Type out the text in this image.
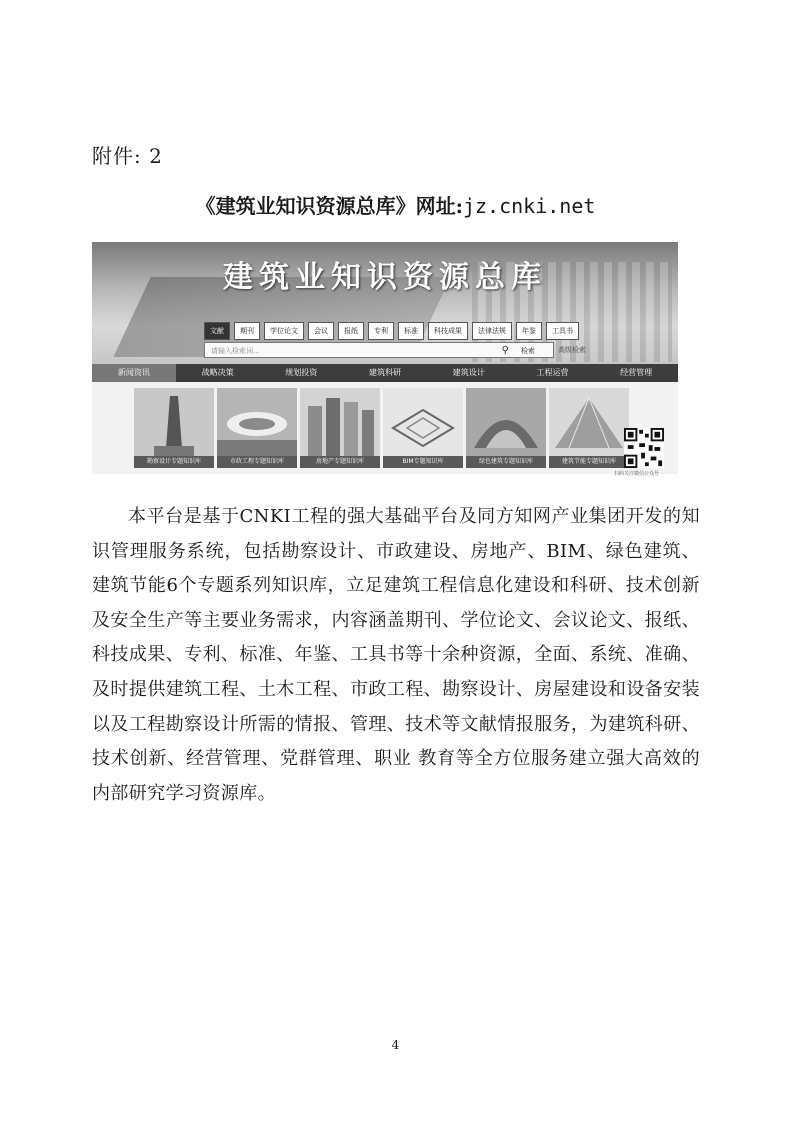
附件: 2
《建筑业知识资源总库》网址:jz.cnki.net
建筑业知识资源总库
文献	期刊	学位论文	会议	报纸	专利	标准	科技成果	法律法规	年鉴	工具书
请输入检索词...	⚲ 检索	高级检索
新闻资讯	战略决策	规划投资	建筑科研	建筑设计	工程运营	经营管理
勘察设计专题知识库	市政工程专题知识库	房地产专题知识库	BIM专题知识库	绿色建筑专题知识库	建筑节能专题知识库
扫码关注微信公众号

本平台是基于CNKI工程的强大基础平台及同方知网产业集团开发的知识管理服务系统，包括勘察设计、市政建设、房地产、BIM、绿色建筑、建筑节能6个专题系列知识库，立足建筑工程信息化建设和科研、技术创新及安全生产等主要业务需求，内容涵盖期刊、学位论文、会议论文、报纸、科技成果、专利、标准、年鉴、工具书等十余种资源，全面、系统、准确、及时提供建筑工程、土木工程、市政工程、勘察设计、房屋建设和设备安装以及工程勘察设计所需的情报、管理、技术等文献情报服务，为建筑科研、技术创新、经营管理、党群管理、职业 教育等全方位服务建立强大高效的内部研究学习资源库。

4
